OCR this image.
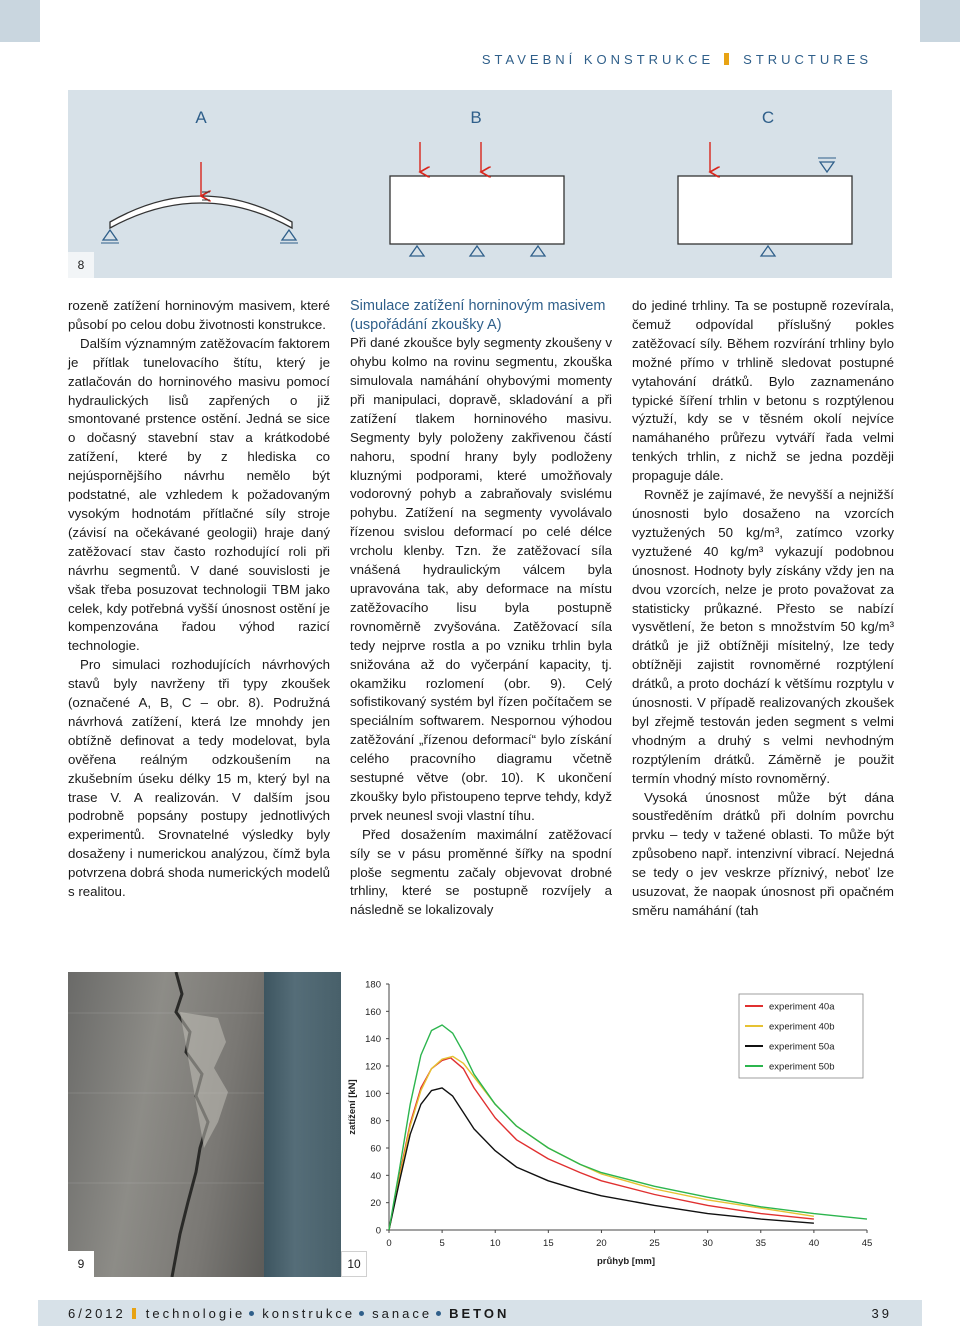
STAVEBNÍ KONSTRUKCE STRUCTURES
A	B	C
8

rozeně zatížení horninovým masivem, které působí po celou dobu životnosti konstrukce.

Dalším významným zatěžovacím faktorem je přítlak tunelovacího štítu, který je zatlačován do horninového masivu pomocí hydraulických lisů zapřených o již smontované prstence ostění. Jedná se sice o dočasný stavební stav a krátkodobé zatížení, které by z hlediska co nejúspornějšího návrhu nemělo být podstatné, ale vzhledem k požadovaným vysokým hodnotám přítlačné síly stroje (závisí na očekávané geologii) hraje daný zatěžovací stav často rozhodující roli při návrhu segmentů. V dané souvislosti je však třeba posuzovat technologii TBM jako celek, kdy potřebná vyšší únosnost ostění je kompenzována řadou výhod razicí technologie.

Pro simulaci rozhodujících návrhových stavů byly navrženy tři typy zkoušek (označené A, B, C – obr. 8). Podružná návrhová zatížení, která lze mnohdy jen obtížně definovat a tedy modelovat, byla ověřena reálným odzkoušením na zkušebním úseku délky 15 m, který byl na trase V. A realizován. V dalším jsou podrobně popsány postupy jednotlivých experimentů. Srovnatelné výsledky byly dosaženy i numerickou analýzou, čímž byla potvrzena dobrá shoda numerických modelů s realitou.

Simulace zatížení horninovým masivem (uspořádání zkoušky A)

Při dané zkoušce byly segmenty zkoušeny v ohybu kolmo na rovinu segmentu, zkouška simulovala namáhání ohybovými momenty při manipulaci, dopravě, skladování a při zatížení tlakem horninového masivu. Segmenty byly položeny zakřivenou částí nahoru, spodní hrany byly podloženy kluznými podporami, které umožňovaly vodorovný pohyb a zabraňovaly svislému pohybu. Zatížení na segmenty vyvolávalo řízenou svislou deformací po celé délce vrcholu klenby. Tzn. že zatěžovací síla vnášená hydraulickým válcem byla upravována tak, aby deformace na místu zatěžovacího lisu byla postupně rovnoměrně zvyšována. Zatěžovací síla tedy nejprve rostla a po vzniku trhlin byla snižována až do vyčerpání kapacity, tj. okamžiku rozlomení (obr. 9). Celý sofistikovaný systém byl řízen počítačem se speciálním softwarem. Nespornou výhodou zatěžování „řízenou deformací“ bylo získání celého pracovního diagramu včetně sestupné větve (obr. 10). K ukončení zkoušky bylo přistoupeno teprve tehdy, když prvek neunesl svoji vlastní tíhu.

Před dosažením maximální zatěžovací síly se v pásu proměnné šířky na spodní ploše segmentu začaly objevovat drobné trhliny, které se postupně rozvíjely a následně se lokalizovaly

do jediné trhliny. Ta se postupně rozevírala, čemuž odpovídal příslušný pokles zatěžovací síly. Během rozvírání trhliny bylo možné přímo v trhlině sledovat postupné vytahování drátků. Bylo zaznamenáno typické šíření trhlin v betonu s rozptýlenou výztuží, kdy se v těsném okolí nejvíce namáhaného průřezu vytváří řada velmi tenkých trhlin, z nichž se jedna později propaguje dále.

Rovněž je zajímavé, že nevyšší a nejnižší únosnosti bylo dosaženo na vzorcích vyztužených 50 kg/m³, zatímco vzorky vyztužené 40 kg/m³ vykazují podobnou únosnost. Hodnoty byly získány vždy jen na dvou vzorcích, nelze je proto považovat za statisticky průkazné. Přesto se nabízí vysvětlení, že beton s množstvím 50 kg/m³ drátků je již obtížněji mísitelný, lze tedy obtížněji zajistit rovnoměrné rozptýlení drátků, a proto dochází k většímu rozptylu v únosnosti. V případě realizovaných zkoušek byl zřejmě testován jeden segment s velmi vhodným a druhý s velmi nevhodným rozptýlením drátků. Záměrně je použit termín vhodný místo rovnoměrný.

Vysoká únosnost může být dána soustředěním drátků při dolním povrchu prvku – tedy v tažené oblasti. To může být způsobeno např. intenzivní vibrací. Nejedná se tedy o jev veskrze příznivý, neboť lze usuzovat, že naopak únosnost při opačném směru namáhání (tah

9
0
20
40
60
80
100
120
140
160
180
0	5	10	15	20	25	30	35	40	45
průhyb [mm]
zatížení [kN]
experiment 40a
experiment 40b
experiment 50a
experiment 50b
10
6/2012 technologie konstrukce sanace BETON	39
